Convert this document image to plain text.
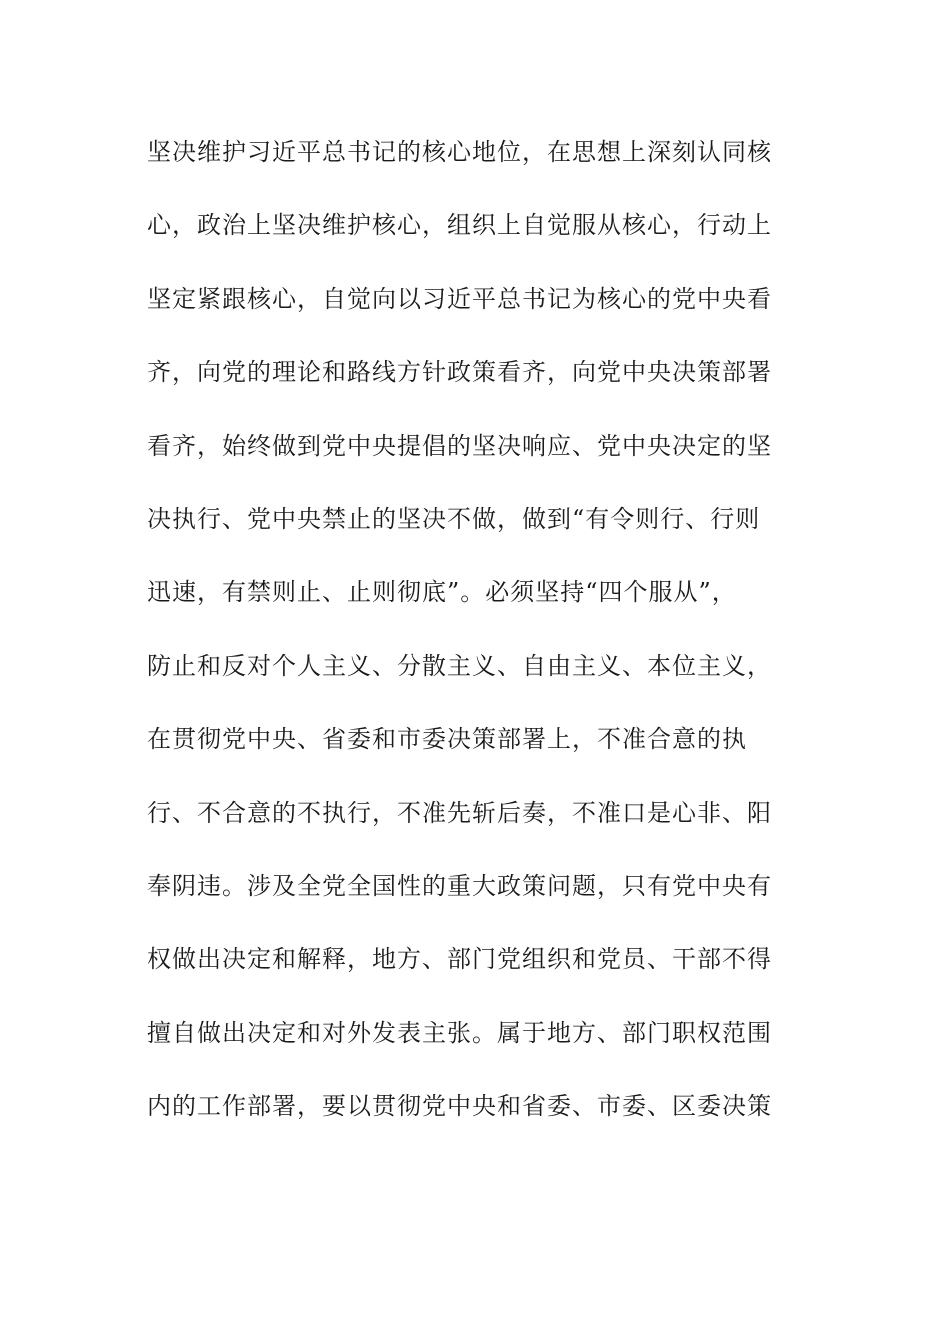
坚决维护习近平总书记的核心地位，在思想上深刻认同核
心，政治上坚决维护核心，组织上自觉服从核心，行动上
坚定紧跟核心，自觉向以习近平总书记为核心的党中央看
齐，向党的理论和路线方针政策看齐，向党中央决策部署
看齐，始终做到党中央提倡的坚决响应、党中央决定的坚
决执行、党中央禁止的坚决不做，做到“有令则行、行则
迅速，有禁则止、止则彻底”。必须坚持“四个服从”，
防止和反对个人主义、分散主义、自由主义、本位主义，
在贯彻党中央、省委和市委决策部署上，不准合意的执
行、不合意的不执行，不准先斩后奏，不准口是心非、阳
奉阴违。涉及全党全国性的重大政策问题，只有党中央有
权做出决定和解释，地方、部门党组织和党员、干部不得
擅自做出决定和对外发表主张。属于地方、部门职权范围
内的工作部署，要以贯彻党中央和省委、市委、区委决策
